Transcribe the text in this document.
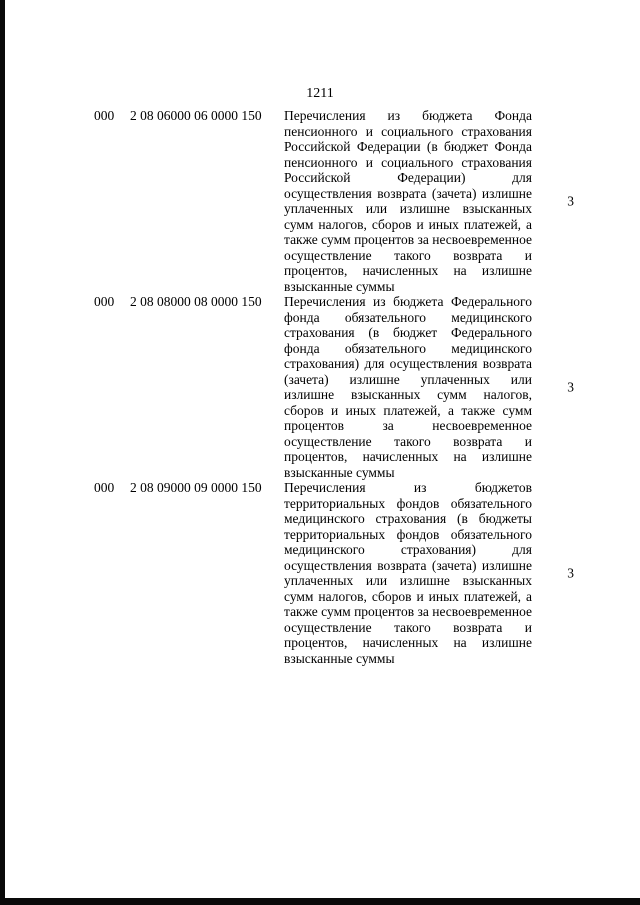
1211
000 2 08 06000 06 0000 150 Перечисления из бюджета Фонда пенсионного и социального страхования Российской Федерации (в бюджет Фонда пенсионного и социального страхования Российской Федерации) для осуществления возврата (зачета) излишне уплаченных или излишне взысканных сумм налогов, сборов и иных платежей, а также сумм процентов за несвоевременное осуществление такого возврата и процентов, начисленных на излишне взысканные суммы
3
000 2 08 08000 08 0000 150 Перечисления из бюджета Федерального фонда обязательного медицинского страхования (в бюджет Федерального фонда обязательного медицинского страхования) для осуществления возврата (зачета) излишне уплаченных или излишне взысканных сумм налогов, сборов и иных платежей, а также сумм процентов за несвоевременное осуществление такого возврата и процентов, начисленных на излишне взысканные суммы
3
000 2 08 09000 09 0000 150 Перечисления из бюджетов территориальных фондов обязательного медицинского страхования (в бюджеты территориальных фондов обязательного медицинского страхования) для осуществления возврата (зачета) излишне уплаченных или излишне взысканных сумм налогов, сборов и иных платежей, а также сумм процентов за несвоевременное осуществление такого возврата и процентов, начисленных на излишне взысканные суммы
3
